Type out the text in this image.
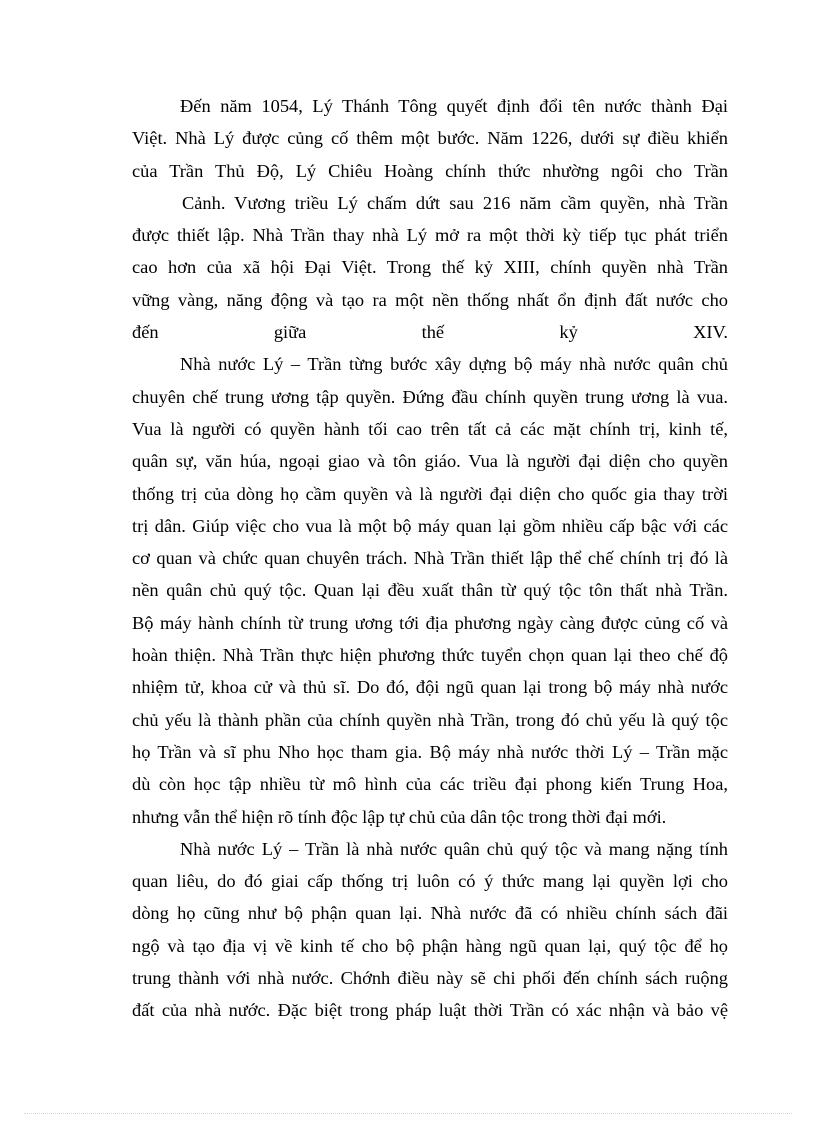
Đến năm 1054, Lý Thánh Tông quyết định đổi tên nước thành Đại
Việt. Nhà Lý được củng cố thêm một bước. Năm 1226, dưới sự điều khiển
của Trần Thủ Độ, Lý Chiêu Hoàng chính thức nhường ngôi cho Trần
Cảnh. Vương triều Lý chấm dứt sau 216 năm cầm quyền, nhà Trần
được thiết lập. Nhà Trần thay nhà Lý mở ra một thời kỳ tiếp tục phát triển
cao hơn của xã hội Đại Việt. Trong thế kỷ XIII, chính quyền nhà Trần
vững vàng, năng động và tạo ra một nền thống nhất ổn định đất nước cho
đến giữa thế kỷ XIV.
Nhà nước Lý – Trần từng bước xây dựng bộ máy nhà nước quân chủ
chuyên chế trung ương tập quyền. Đứng đầu chính quyền trung ương là vua.
Vua là người có quyền hành tối cao trên tất cả các mặt chính trị, kinh tế,
quân sự, văn húa, ngoại giao và tôn giáo. Vua là người đại diện cho quyền
thống trị của dòng họ cầm quyền và là người đại diện cho quốc gia thay trời
trị dân. Giúp việc cho vua là một bộ máy quan lại gồm nhiều cấp bậc với các
cơ quan và chức quan chuyên trách. Nhà Trần thiết lập thể chế chính trị đó là
nền quân chủ quý tộc. Quan lại đều xuất thân từ quý tộc tôn thất nhà Trần.
Bộ máy hành chính từ trung ương tới địa phương ngày càng được củng cố và
hoàn thiện. Nhà Trần thực hiện phương thức tuyển chọn quan lại theo chế độ
nhiệm tử, khoa cử và thủ sĩ. Do đó, đội ngũ quan lại trong bộ máy nhà nước
chủ yếu là thành phần của chính quyền nhà Trần, trong đó chủ yếu là quý tộc
họ Trần và sĩ phu Nho học tham gia. Bộ máy nhà nước thời Lý – Trần mặc
dù còn học tập nhiều từ mô hình của các triều đại phong kiến Trung Hoa,
nhưng vẫn thể hiện rõ tính độc lập tự chủ của dân tộc trong thời đại mới.
Nhà nước Lý – Trần là nhà nước quân chủ quý tộc và mang nặng tính
quan liêu, do đó giai cấp thống trị luôn có ý thức mang lại quyền lợi cho
dòng họ cũng như bộ phận quan lại. Nhà nước đã có nhiều chính sách đãi
ngộ và tạo địa vị về kinh tế cho bộ phận hàng ngũ quan lại, quý tộc để họ
trung thành với nhà nước. Chớnh điều này sẽ chi phối đến chính sách ruộng
đất của nhà nước. Đặc biệt trong pháp luật thời Trần có xác nhận và bảo vệ
